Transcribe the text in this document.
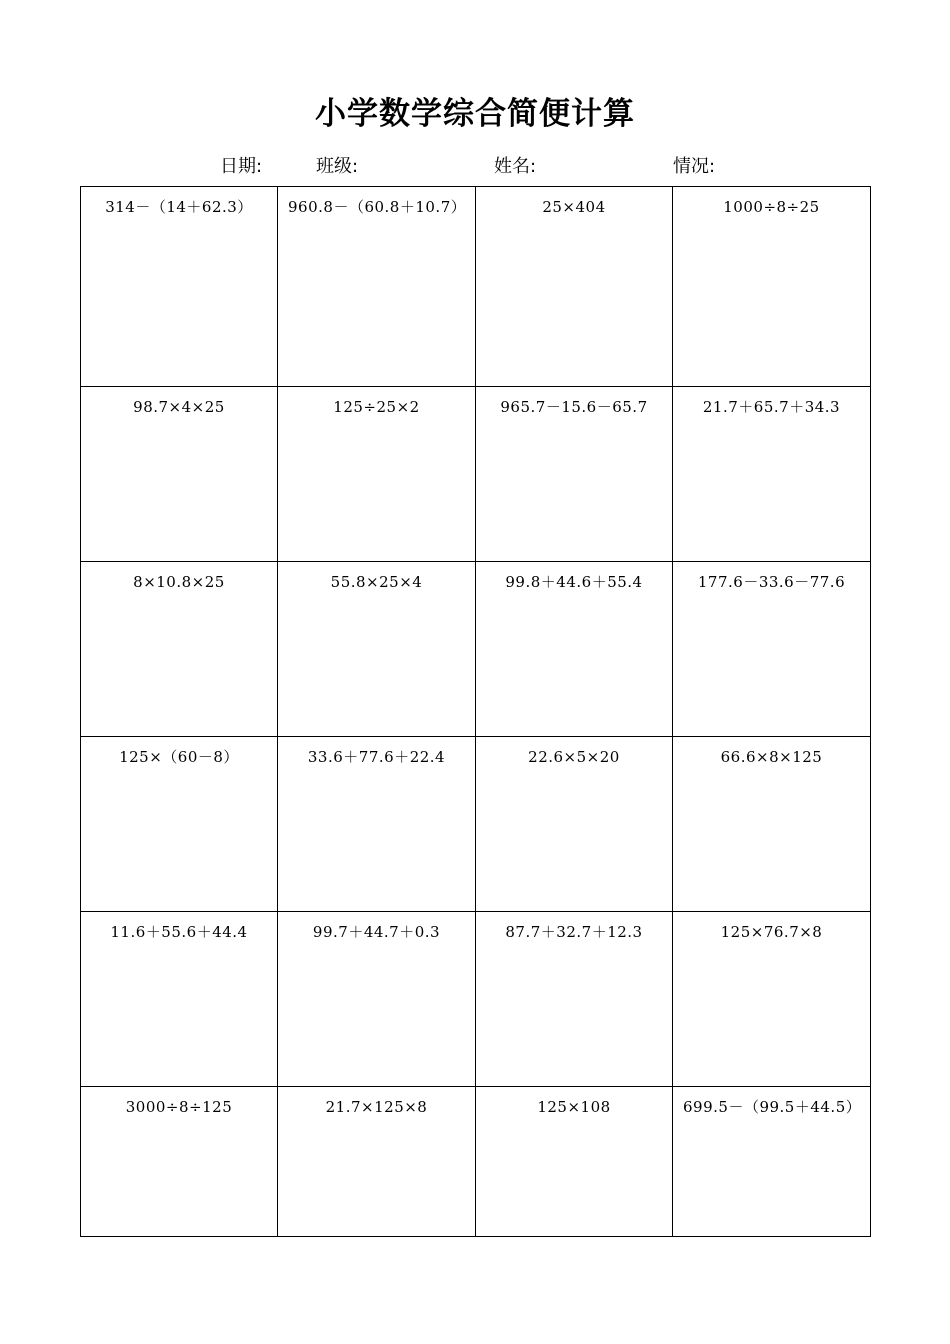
小学数学综合简便计算
日期:	班级:	姓名:	情况:
314－（14＋62.3）	960.8－（60.8＋10.7）	25×404	1000÷8÷25
98.7×4×25	125÷25×2	965.7－15.6－65.7	21.7＋65.7＋34.3
8×10.8×25	55.8×25×4	99.8＋44.6＋55.4	177.6－33.6－77.6
125×（60－8）	33.6＋77.6＋22.4	22.6×5×20	66.6×8×125
11.6＋55.6＋44.4	99.7＋44.7＋0.3	87.7＋32.7＋12.3	125×76.7×8
3000÷8÷125	21.7×125×8	125×108	699.5－（99.5＋44.5）
